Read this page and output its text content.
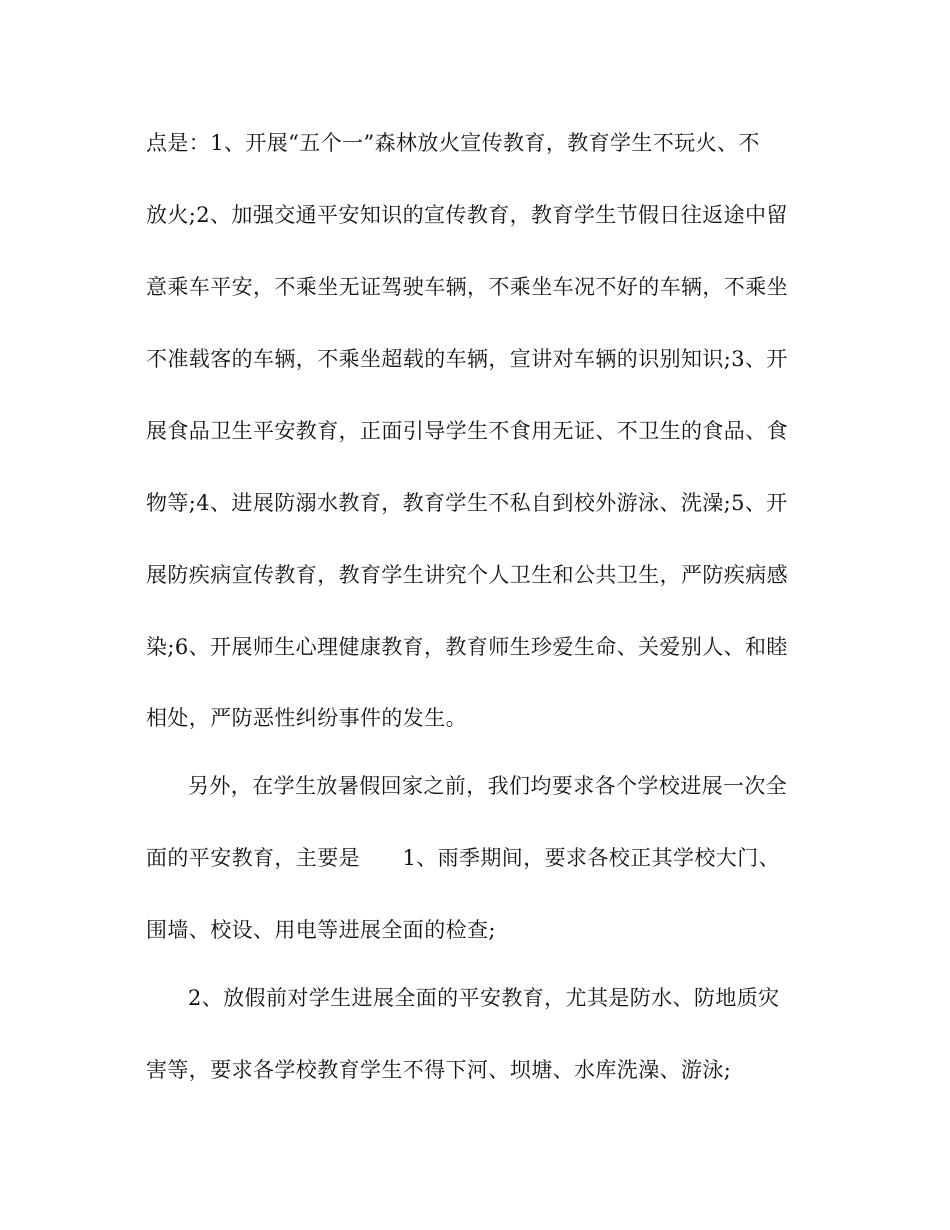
点是：1、开展“五个一”森林放火宣传教育，教育学生不玩火、不
放火;2、加强交通平安知识的宣传教育，教育学生节假日往返途中留
意乘车平安，不乘坐无证驾驶车辆，不乘坐车况不好的车辆，不乘坐
不准载客的车辆，不乘坐超载的车辆，宣讲对车辆的识别知识;3、开
展食品卫生平安教育，正面引导学生不食用无证、不卫生的食品、食
物等;4、进展防溺水教育，教育学生不私自到校外游泳、洗澡;5、开
展防疾病宣传教育，教育学生讲究个人卫生和公共卫生，严防疾病感
染;6、开展师生心理健康教育，教育师生珍爱生命、关爱别人、和睦
相处，严防恶性纠纷事件的发生。
另外，在学生放暑假回家之前，我们均要求各个学校进展一次全
面的平安教育，主要是      1、雨季期间，要求各校正其学校大门、
围墙、校设、用电等进展全面的检查;
2、放假前对学生进展全面的平安教育，尤其是防水、防地质灾
害等，要求各学校教育学生不得下河、坝塘、水库洗澡、游泳;
